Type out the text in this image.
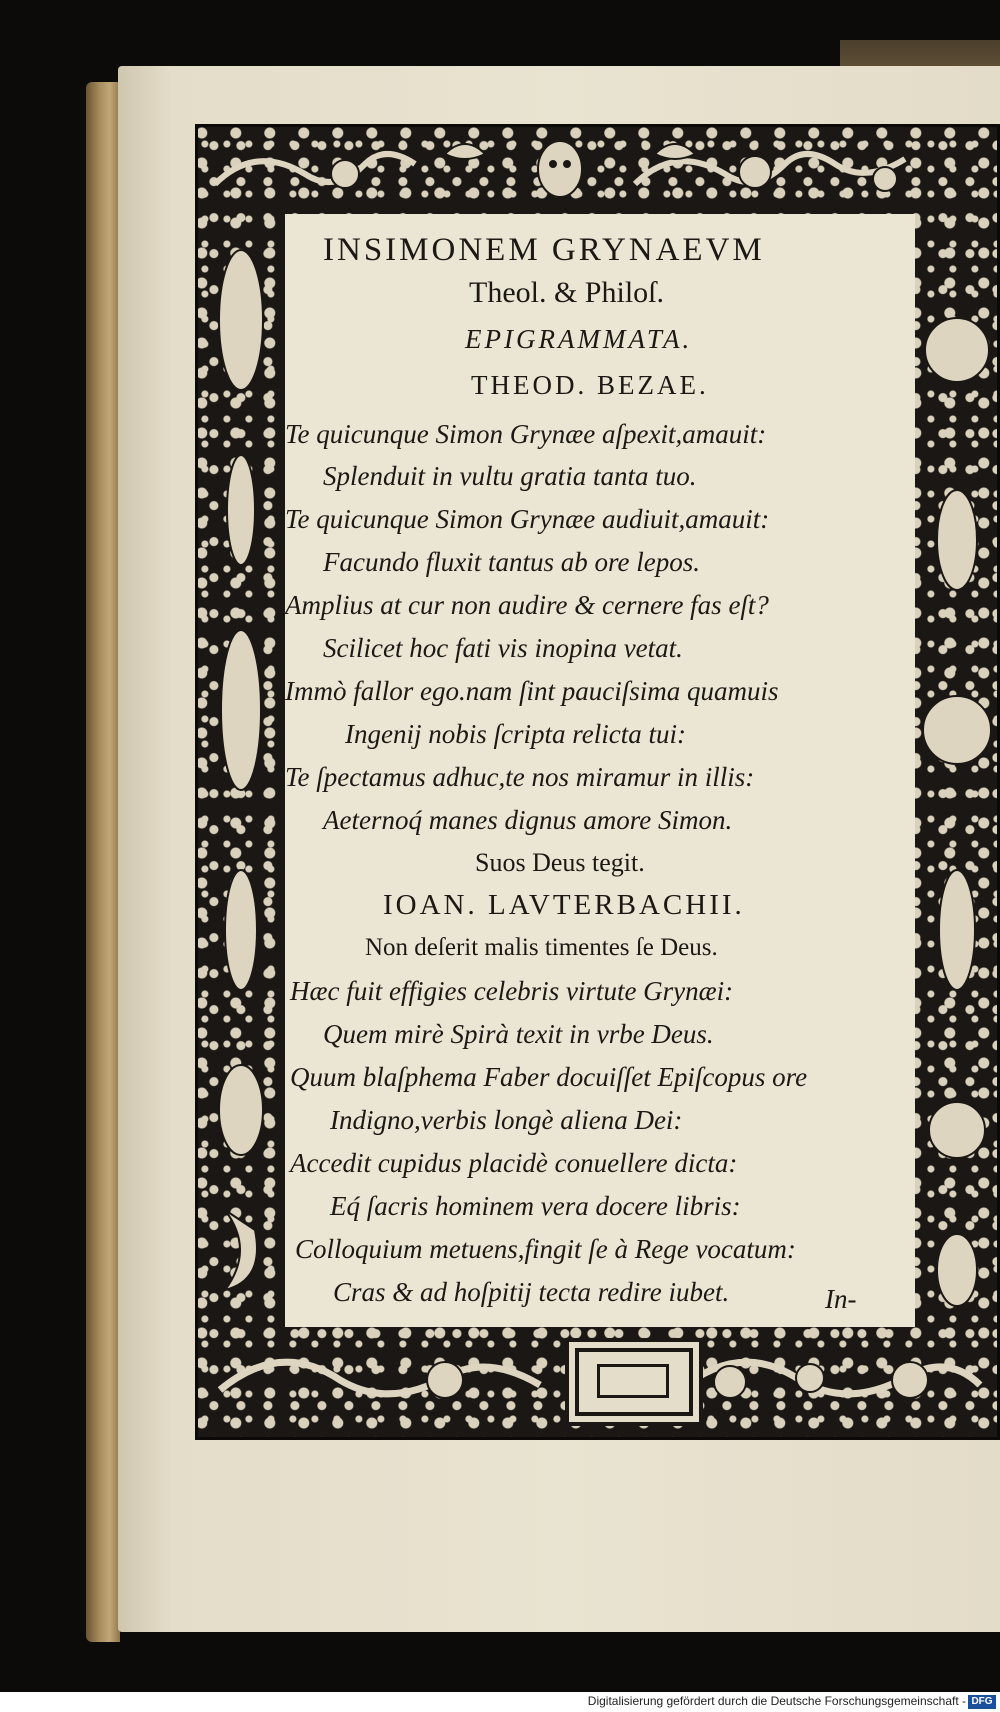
INSIMONEM GRYNAEVM
Theol. & Philoſ.
EPIGRAMMATA.
THEOD. BEZAE.
Te quicunque Simon Grynæe aſpexit,amauit:
Splenduit in vultu gratia tanta tuo.
Te quicunque Simon Grynæe audiuit,amauit:
Facundo fluxit tantus ab ore lepos.
Amplius at cur non audire & cernere fas eſt?
Scilicet hoc fati vis inopina vetat.
Immò fallor ego.nam ſint pauciſsima quamuis
Ingenij nobis ſcripta relicta tui:
Te ſpectamus adhuc,te nos miramur in illis:
Aeternoq́ manes dignus amore Simon.
Suos Deus tegit.
IOAN. LAVTERBACHII.
Non deſerit malis timentes ſe Deus.
Hæc fuit effigies celebris virtute Grynæi:
Quem mirè Spirà texit in vrbe Deus.
Quum blaſphema Faber docuiſſet Epiſcopus ore
Indigno,verbis longè aliena Dei:
Accedit cupidus placidè conuellere dicta:
Eq́ ſacris hominem vera docere libris:
Colloquium metuens,fingit ſe à Rege vocatum:
Cras & ad hoſpitij tecta redire iubet.	In-
Digitalisierung gefördert durch die Deutsche Forschungsgemeinschaft - DFG
